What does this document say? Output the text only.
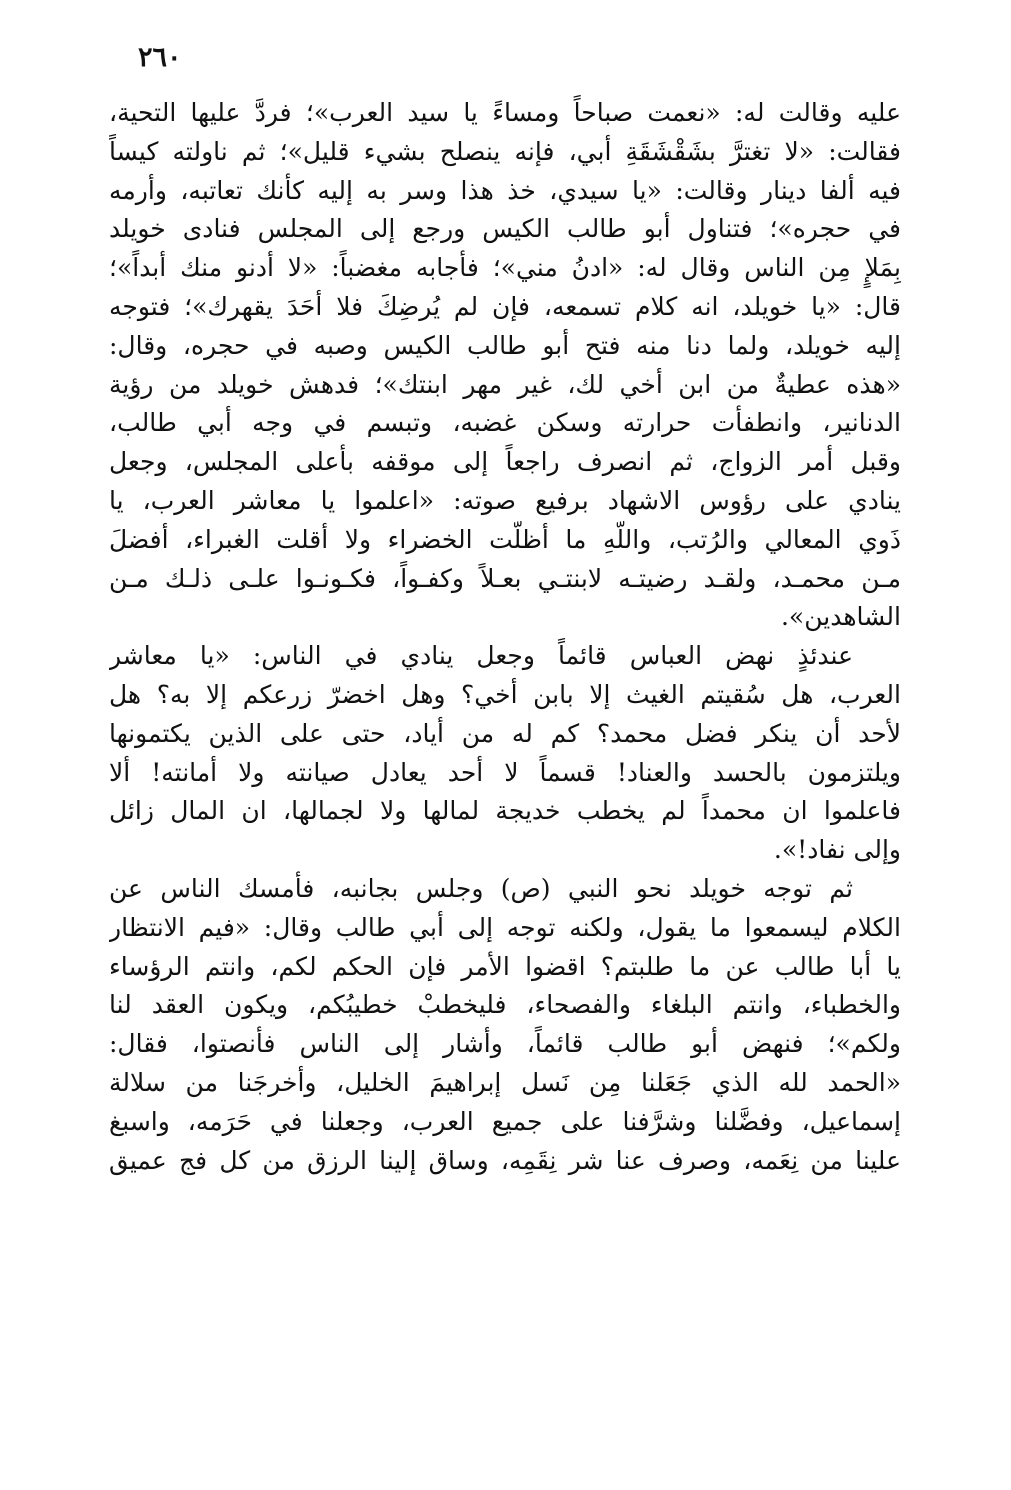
٢٦٠
عليه وقالت له: «نعمت صباحاً ومساءً يا سيد العرب»؛ فردَّ عليها التحية،
فقالت: «لا تغترَّ بشَقْشَقَةِ أبي، فإنه ينصلح بشيء قليل»؛ ثم ناولته كيساً
فيه ألفا دينار وقالت: «يا سيدي، خذ هذا وسر به إليه كأنك تعاتبه، وأرمه
في حجره»؛ فتناول أبو طالب الكيس ورجع إلى المجلس فنادى خويلد
بِمَلإٍ مِن الناس وقال له: «ادنُ مني»؛ فأجابه مغضباً: «لا أدنو منك أبداً»؛
قال: «يا خويلد، انه كلام تسمعه، فإن لم يُرضِكَ فلا أحَدَ يقهرك»؛ فتوجه
إليه خويلد، ولما دنا منه فتح أبو طالب الكيس وصبه في حجره، وقال:
«هذه عطيةٌ من ابن أخي لك، غير مهر ابنتك»؛ فدهش خويلد من رؤية
الدنانير، وانطفأت حرارته وسكن غضبه، وتبسم في وجه أبي طالب،
وقبل أمر الزواج، ثم انصرف راجعاً إلى موقفه بأعلى المجلس، وجعل
ينادي على رؤوس الاشهاد برفيع صوته: «اعلموا يا معاشر العرب، يا
ذَوي المعالي والرُتب، واللّهِ ما أظلَّت الخضراء ولا أقلت الغبراء، أفضلَ
مـن محمـد، ولقـد رضيتـه لابنتـي بعـلاً وكفـواً، فكـونـوا علـى ذلـك مـن
الشاهدين».
عندئذٍ نهض العباس قائماً وجعل ينادي في الناس: «يا معاشر
العرب، هل سُقيتم الغيث إلا بابن أخي؟ وهل اخضرّ زرعكم إلا به؟ هل
لأحد أن ينكر فضل محمد؟ كم له من أياد، حتى على الذين يكتمونها
ويلتزمون بالحسد والعناد! قسماً لا أحد يعادل صيانته ولا أمانته! ألا
فاعلموا ان محمداً لم يخطب خديجة لمالها ولا لجمالها، ان المال زائل
وإلى نفاد!».
ثم توجه خويلد نحو النبي (ص) وجلس بجانبه، فأمسك الناس عن
الكلام ليسمعوا ما يقول، ولكنه توجه إلى أبي طالب وقال: «فيم الانتظار
يا أبا طالب عن ما طلبتم؟ اقضوا الأمر فإن الحكم لكم، وانتم الرؤساء
والخطباء، وانتم البلغاء والفصحاء، فليخطبْ خطيبُكم، ويكون العقد لنا
ولكم»؛ فنهض أبو طالب قائماً، وأشار إلى الناس فأنصتوا، فقال:
«الحمد لله الذي جَعَلنا مِن نَسل إبراهيمَ الخليل، وأخرجَنا من سلالة
إسماعيل، وفضَّلنا وشرَّفنا على جميع العرب، وجعلنا في حَرَمه، واسبغ
علينا من نِعَمه، وصرف عنا شر نِقَمِه، وساق إلينا الرزق من كل فج عميق
